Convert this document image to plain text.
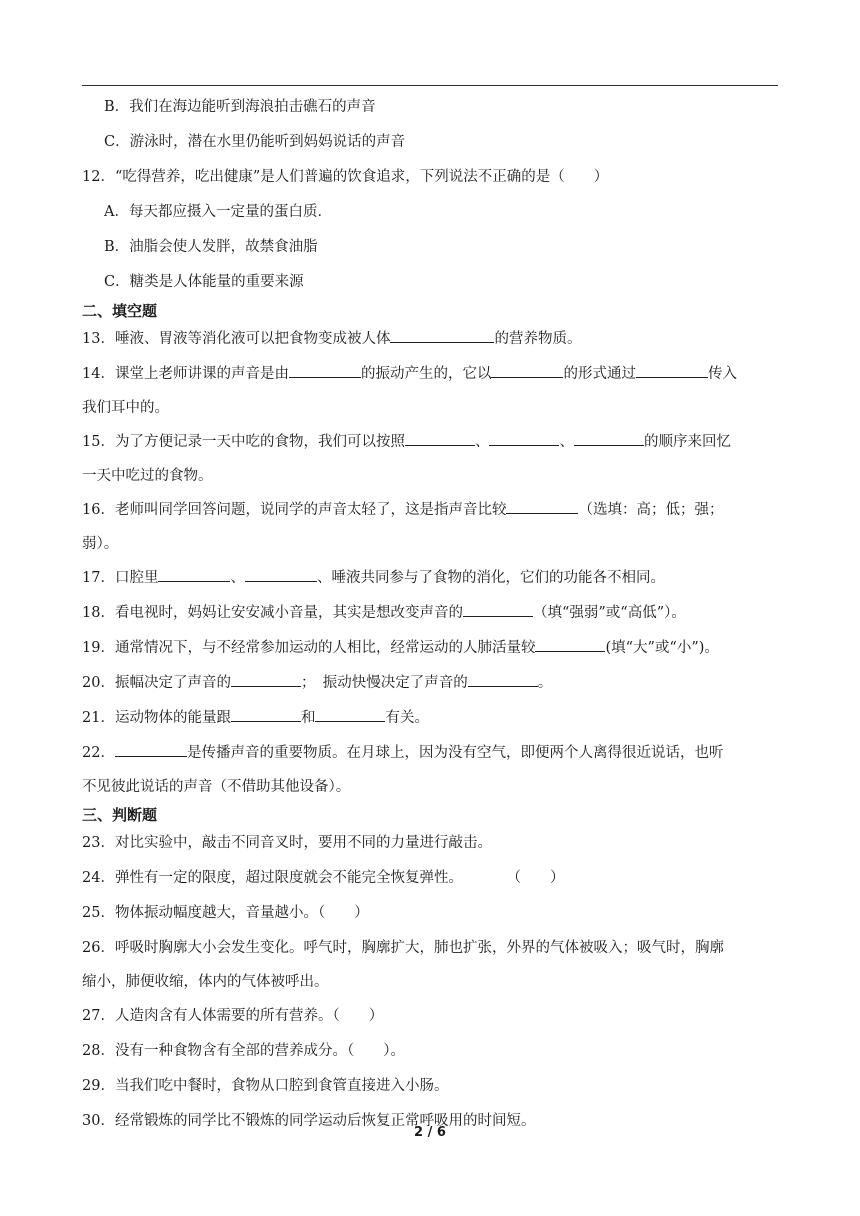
B．我们在海边能听到海浪拍击礁石的声音
C．游泳时，潜在水里仍能听到妈妈说话的声音
12．“吃得营养，吃出健康”是人们普遍的饮食追求，下列说法不正确的是（　　）
A．每天都应摄入一定量的蛋白质．
B．油脂会使人发胖，故禁食油脂
C．糖类是人体能量的重要来源
二、填空题
13．唾液、胃液等消化液可以把食物变成被人体	的营养物质。
14．课堂上老师讲课的声音是由	的振动产生的，它以	的形式通过	传入
我们耳中的。
15．为了方便记录一天中吃的食物，我们可以按照	、	、	的顺序来回忆
一天中吃过的食物。
16．老师叫同学回答问题，说同学的声音太轻了，这是指声音比较	（选填：高；低；强；
弱）。
17．口腔里	、	、唾液共同参与了食物的消化，它们的功能各不相同。
18．看电视时，妈妈让安安减小音量，其实是想改变声音的	（填“强弱”或“高低”）。
19．通常情况下，与不经常参加运动的人相比，经常运动的人肺活量较	(填“大”或“小”)。
20．振幅决定了声音的	；　振动快慢决定了声音的	。
21．运动物体的能量跟	和	有关。
22．	是传播声音的重要物质。在月球上，因为没有空气，即便两个人离得很近说话，也听
不见彼此说话的声音（不借助其他设备）。
三、判断题
23．对比实验中，敲击不同音叉时，要用不同的力量进行敲击。
24．弹性有一定的限度，超过限度就会不能完全恢复弹性。　　　　（　　）
25．物体振动幅度越大，音量越小。（　　）
26．呼吸时胸廓大小会发生变化。呼气时，胸廓扩大，肺也扩张，外界的气体被吸入；吸气时，胸廓
缩小，肺便收缩，体内的气体被呼出。
27．人造肉含有人体需要的所有营养。（　　）
28．没有一种食物含有全部的营养成分。（　　）。
29．当我们吃中餐时，食物从口腔到食管直接进入小肠。
30．经常锻炼的同学比不锻炼的同学运动后恢复正常呼吸用的时间短。
2 / 6
